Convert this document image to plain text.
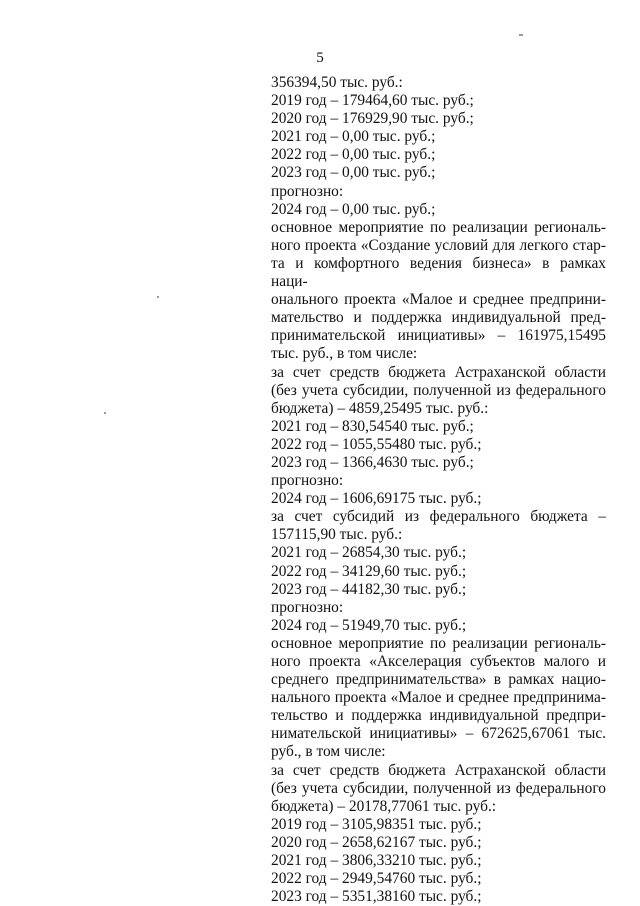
5
356394,50 тыс. руб.:
2019 год – 179464,60 тыс. руб.;
2020 год – 176929,90 тыс. руб.;
2021 год – 0,00 тыс. руб.;
2022 год – 0,00 тыс. руб.;
2023 год – 0,00 тыс. руб.;
прогнозно:
2024 год – 0,00 тыс. руб.;
основное мероприятие по реализации региональ-
ного проекта «Создание условий для легкого стар-
та и комфортного ведения бизнеса» в рамках наци-
онального проекта «Малое и среднее предприни-
мательство и поддержка индивидуальной пред-
принимательской инициативы» – 161975,15495
тыс. руб., в том числе:
за счет средств бюджета Астраханской области
(без учета субсидии, полученной из федерального
бюджета) – 4859,25495 тыс. руб.:
2021 год – 830,54540 тыс. руб.;
2022 год – 1055,55480 тыс. руб.;
2023 год – 1366,4630 тыс. руб.;
прогнозно:
2024 год – 1606,69175 тыс. руб.;
за счет субсидий из федерального бюджета –
157115,90 тыс. руб.:
2021 год – 26854,30 тыс. руб.;
2022 год – 34129,60 тыс. руб.;
2023 год – 44182,30 тыс. руб.;
прогнозно:
2024 год – 51949,70 тыс. руб.;
основное мероприятие по реализации региональ-
ного проекта «Акселерация субъектов малого и
среднего предпринимательства» в рамках нацио-
нального проекта «Малое и среднее предпринима-
тельство и поддержка индивидуальной предпри-
нимательской инициативы» – 672625,67061 тыс.
руб., в том числе:
за счет средств бюджета Астраханской области
(без учета субсидии, полученной из федерального
бюджета) – 20178,77061 тыс. руб.:
2019 год – 3105,98351 тыс. руб.;
2020 год – 2658,62167 тыс. руб.;
2021 год – 3806,33210 тыс. руб.;
2022 год – 2949,54760 тыс. руб.;
2023 год – 5351,38160 тыс. руб.;
